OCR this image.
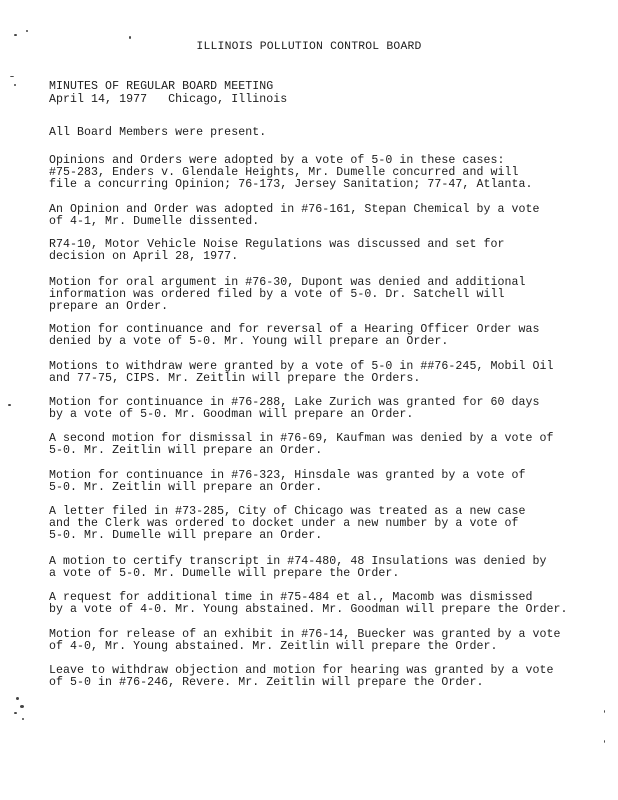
ILLINOIS POLLUTION CONTROL BOARD
MINUTES OF REGULAR BOARD MEETING
April 14, 1977   Chicago, Illinois
All Board Members were present.
Opinions and Orders were adopted by a vote of 5-0 in these cases:
#75-283, Enders v. Glendale Heights, Mr. Dumelle concurred and will
file a concurring Opinion; 76-173, Jersey Sanitation; 77-47, Atlanta.
An Opinion and Order was adopted in #76-161, Stepan Chemical by a vote
of 4-1, Mr. Dumelle dissented.
R74-10, Motor Vehicle Noise Regulations was discussed and set for
decision on April 28, 1977.
Motion for oral argument in #76-30, Dupont was denied and additional
information was ordered filed by a vote of 5-0. Dr. Satchell will
prepare an Order.
Motion for continuance and for reversal of a Hearing Officer Order was
denied by a vote of 5-0. Mr. Young will prepare an Order.
Motions to withdraw were granted by a vote of 5-0 in ##76-245, Mobil Oil
and 77-75, CIPS. Mr. Zeitlin will prepare the Orders.
Motion for continuance in #76-288, Lake Zurich was granted for 60 days
by a vote of 5-0. Mr. Goodman will prepare an Order.
A second motion for dismissal in #76-69, Kaufman was denied by a vote of
5-0. Mr. Zeitlin will prepare an Order.
Motion for continuance in #76-323, Hinsdale was granted by a vote of
5-0. Mr. Zeitlin will prepare an Order.
A letter filed in #73-285, City of Chicago was treated as a new case
and the Clerk was ordered to docket under a new number by a vote of
5-0. Mr. Dumelle will prepare an Order.
A motion to certify transcript in #74-480, 48 Insulations was denied by
a vote of 5-0. Mr. Dumelle will prepare the Order.
A request for additional time in #75-484 et al., Macomb was dismissed
by a vote of 4-0. Mr. Young abstained. Mr. Goodman will prepare the Order.
Motion for release of an exhibit in #76-14, Buecker was granted by a vote
of 4-0, Mr. Young abstained. Mr. Zeitlin will prepare the Order.
Leave to withdraw objection and motion for hearing was granted by a vote
of 5-0 in #76-246, Revere. Mr. Zeitlin will prepare the Order.
